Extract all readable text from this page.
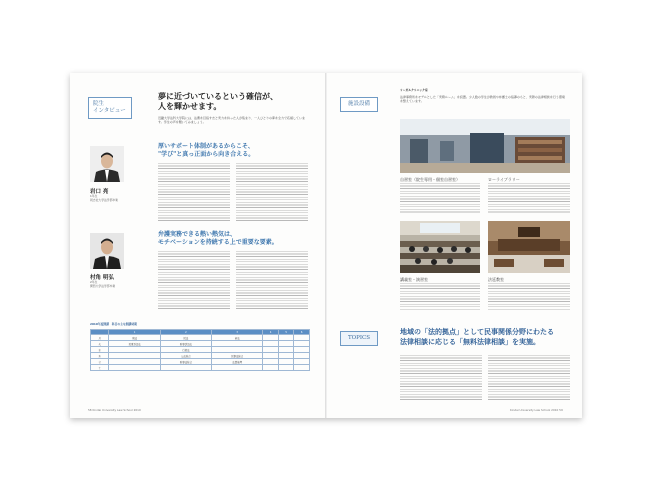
院生
インタビュー
夢に近づいているという確信が、
人を輝かせます。
近畿大学法科大学院には、法曹を目指す志と実力を持った人が集まり、一人ひとりの夢を全力で応援しています。学生の声を聞いてみましょう。
厚いサポート体制があるからこそ、
"学び"と真っ正面から向き合える。
岩口 亮
1年生
同志社大学法学部卒業
弁護実務できる熱い熱気は、
モチベーションを持続する上で重要な要素。
村角 明弘
2年生
関西大学法学部卒業
2010年度開講　科目の主な開講時期
	1	2	3	4	5	6
月	刑法	民法	商法			
火	民事訴訟法	刑事訴訟法				
水		行政法				
木		公法総合	民事法総合			
金		刑事法総合	法曹倫理			
土						
58 Kindai University Law School 2010
施設設備
リーガルクリニック室
法律事務所をモデルとした「実務ルーム」を設置。少人数の学生が教員や弁護士の指導のもと、実際の法律相談を行う環境を整えています。
自習室（院生専用・個室自習室）	ローライブラリー
講義室・演習室	法廷教室
TOPICS
地域の「法的拠点」として民事関係分野にわたる
法律相談に応じる「無料法律相談」を実施。
Kindai University Law School 2010 59
